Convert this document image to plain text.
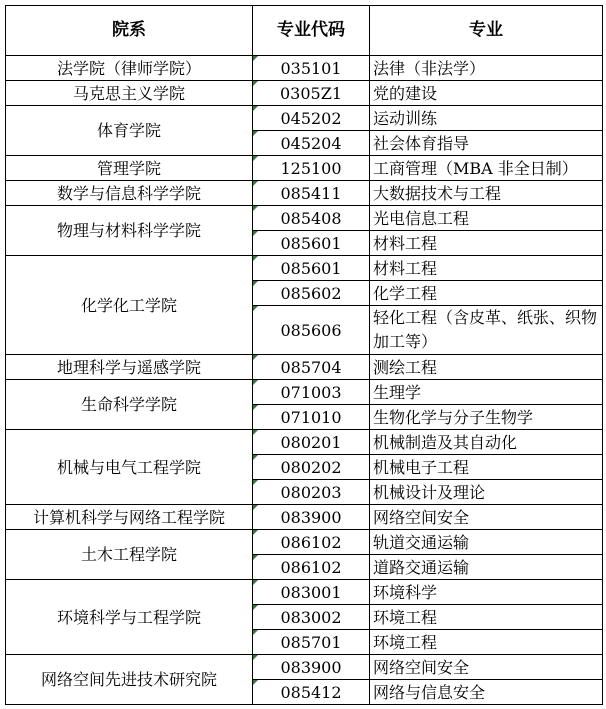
院系	专业代码	专业
法学院（律师学院）	035101	法律（非法学）
马克思主义学院	0305Z1	党的建设
体育学院	045202	运动训练
	045204	社会体育指导
管理学院	125100	工商管理（MBA 非全日制）
数学与信息科学学院	085411	大数据技术与工程
物理与材料科学学院	085408	光电信息工程
	085601	材料工程
化学化工学院	085601	材料工程
	085602	化学工程
	085606	轻化工程（含皮革、纸张、织物加工等）
地理科学与遥感学院	085704	测绘工程
生命科学学院	071003	生理学
	071010	生物化学与分子生物学
机械与电气工程学院	080201	机械制造及其自动化
	080202	机械电子工程
	080203	机械设计及理论
计算机科学与网络工程学院	083900	网络空间安全
土木工程学院	086102	轨道交通运输
	086102	道路交通运输
环境科学与工程学院	083001	环境科学
	083002	环境工程
	085701	环境工程
网络空间先进技术研究院	083900	网络空间安全
	085412	网络与信息安全
